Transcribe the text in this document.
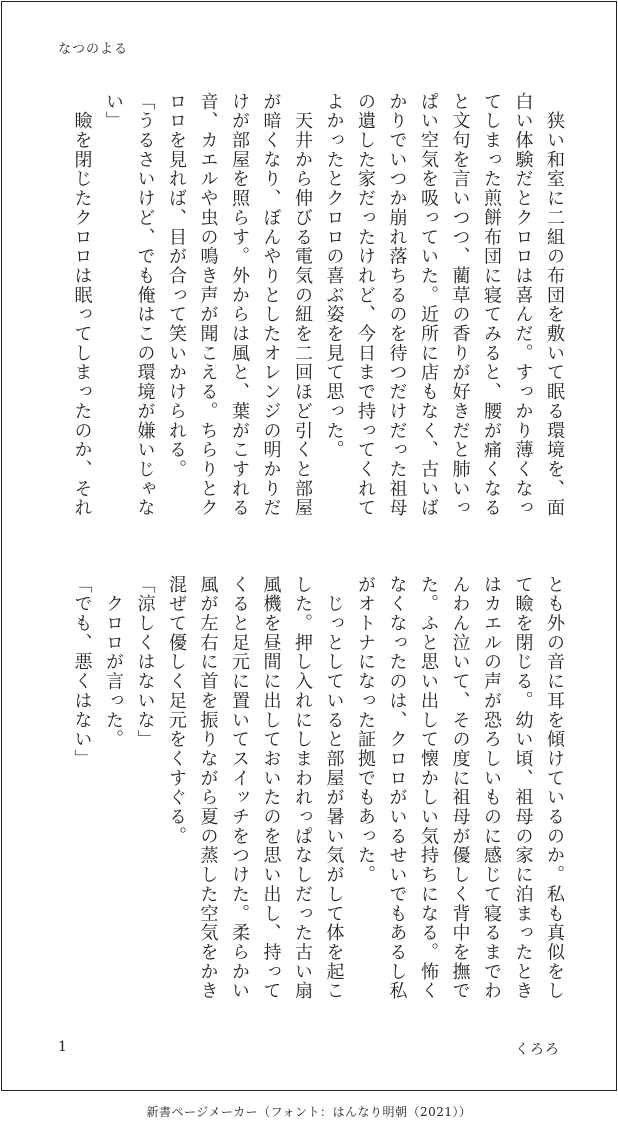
なつのよる

　狭い和室に二組の布団を敷いて眠る環境を、面

白い体験だとクロロは喜んだ。すっかり薄くなっ

てしまった煎餅布団に寝てみると、腰が痛くなる

と文句を言いつつ、藺草の香りが好きだと肺いっ

ぱい空気を吸っていた。近所に店もなく、古いば

かりでいつか崩れ落ちるのを待つだけだった祖母

の遺した家だったけれど、今日まで持ってくれて

よかったとクロロの喜ぶ姿を見て思った。

　天井から伸びる電気の紐を二回ほど引くと部屋

が暗くなり、ぼんやりとしたオレンジの明かりだ

けが部屋を照らす。外からは風と、葉がこすれる

音、カエルや虫の鳴き声が聞こえる。ちらりとク

ロロを見れば、目が合って笑いかけられる。

「うるさいけど、でも俺はこの環境が嫌いじゃな

い」

　瞼を閉じたクロロは眠ってしまったのか、それ

とも外の音に耳を傾けているのか。私も真似をし

て瞼を閉じる。幼い頃、祖母の家に泊まったとき

はカエルの声が恐ろしいものに感じて寝るまでわ

んわん泣いて、その度に祖母が優しく背中を撫で

た。ふと思い出して懐かしい気持ちになる。怖く

なくなったのは、クロロがいるせいでもあるし私

がオトナになった証拠でもあった。

　じっとしていると部屋が暑い気がして体を起こ

した。押し入れにしまわれっぱなしだった古い扇

風機を昼間に出しておいたのを思い出し、持って

くると足元に置いてスイッチをつけた。柔らかい

風が左右に首を振りながら夏の蒸した空気をかき

混ぜて優しく足元をくすぐる。

「涼しくはないな」

　クロロが言った。

「でも、悪くはない」

1	くろろ
新書ページメーカー（フォント：はんなり明朝（2021））
